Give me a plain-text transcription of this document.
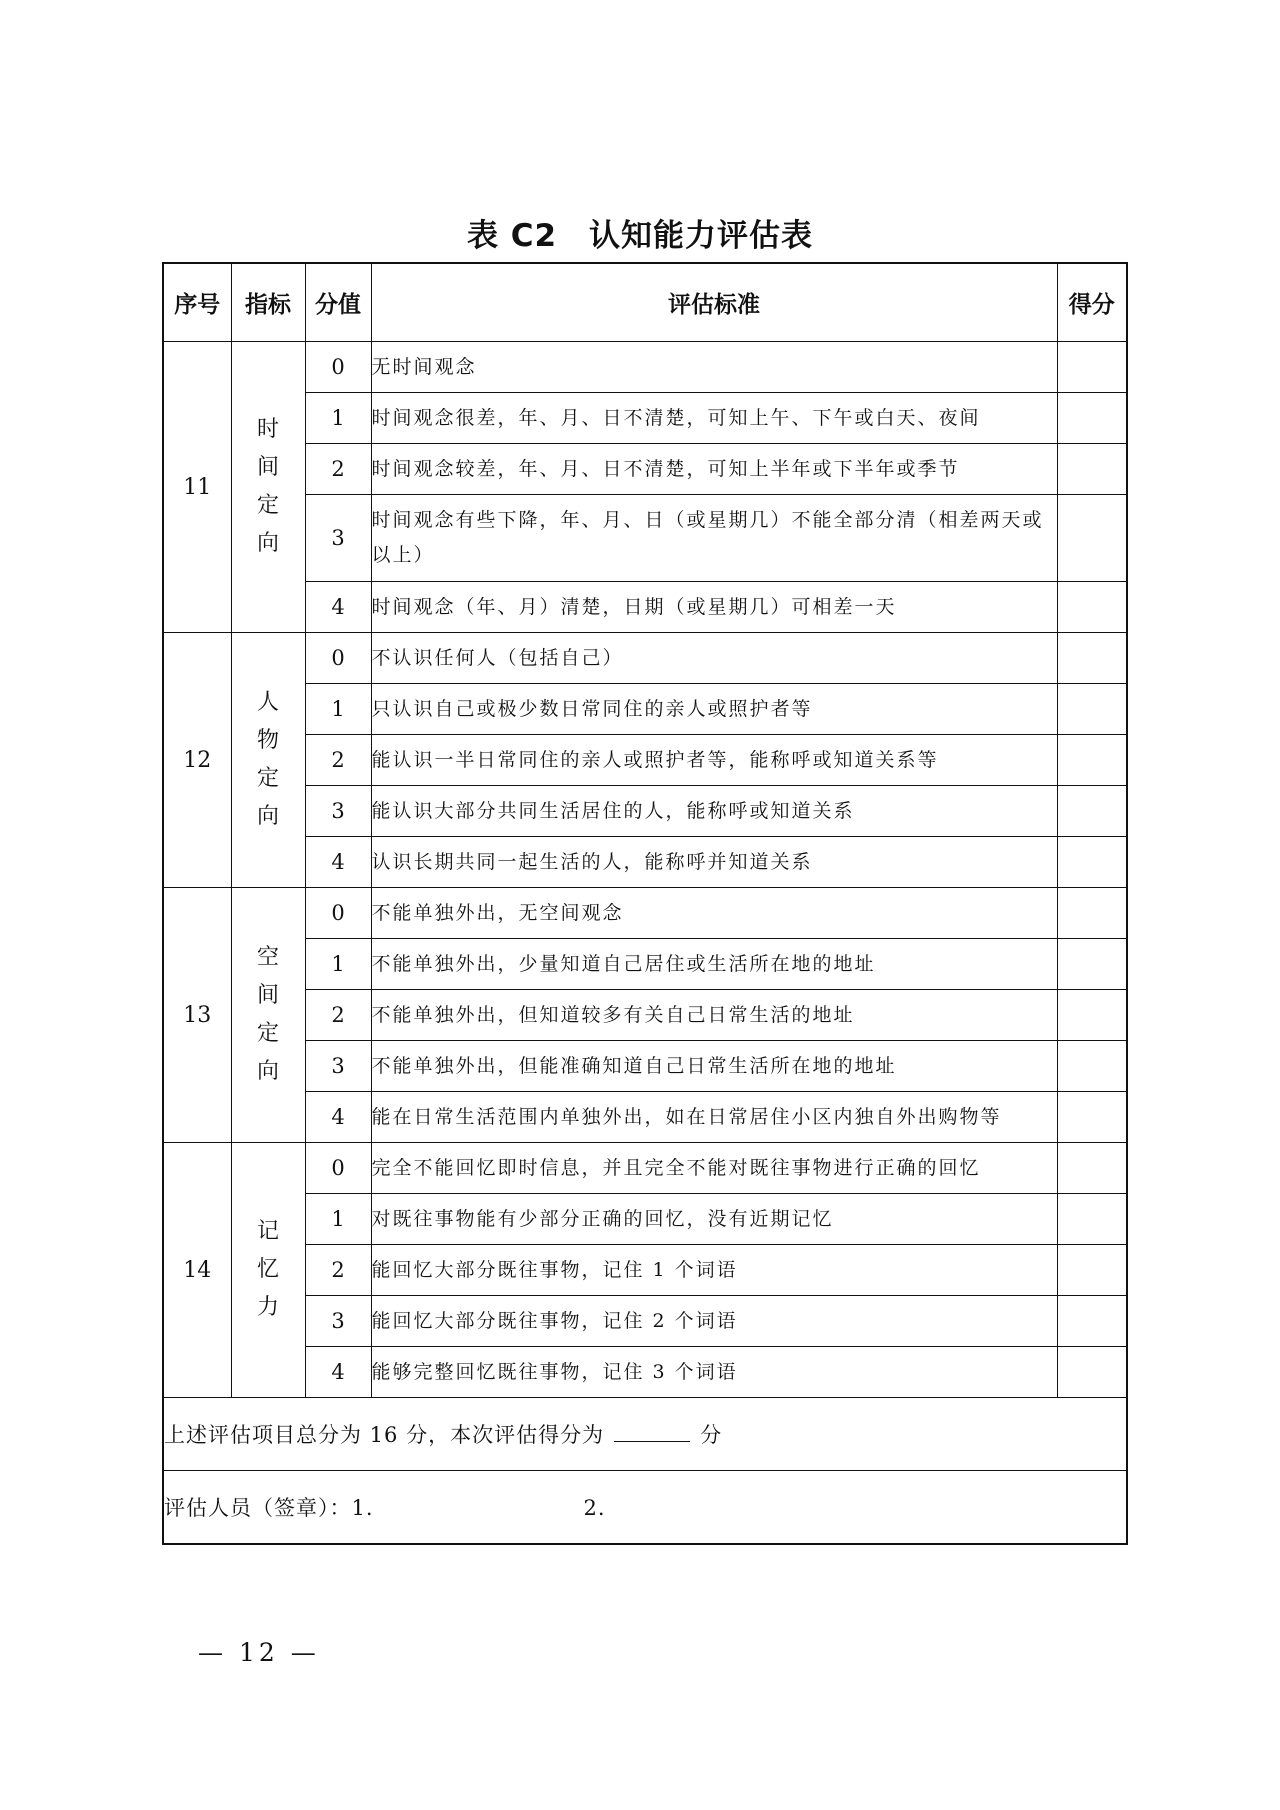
表 C2　认知能力评估表
序号	指标	分值	评估标准	得分
11	时间定向	0	无时间观念	
		1	时间观念很差，年、月、日不清楚，可知上午、下午或白天、夜间	
		2	时间观念较差，年、月、日不清楚，可知上半年或下半年或季节	
		3	时间观念有些下降，年、月、日（或星期几）不能全部分清（相差两天或以上）	
		4	时间观念（年、月）清楚，日期（或星期几）可相差一天	
12	人物定向	0	不认识任何人（包括自己）	
		1	只认识自己或极少数日常同住的亲人或照护者等	
		2	能认识一半日常同住的亲人或照护者等，能称呼或知道关系等	
		3	能认识大部分共同生活居住的人，能称呼或知道关系	
		4	认识长期共同一起生活的人，能称呼并知道关系	
13	空间定向	0	不能单独外出，无空间观念	
		1	不能单独外出，少量知道自己居住或生活所在地的地址	
		2	不能单独外出，但知道较多有关自己日常生活的地址	
		3	不能单独外出，但能准确知道自己日常生活所在地的地址	
		4	能在日常生活范围内单独外出，如在日常居住小区内独自外出购物等	
14	记忆力	0	完全不能回忆即时信息，并且完全不能对既往事物进行正确的回忆	
		1	对既往事物能有少部分正确的回忆，没有近期记忆	
		2	能回忆大部分既往事物，记住 1 个词语	
		3	能回忆大部分既往事物，记住 2 个词语	
		4	能够完整回忆既往事物，记住 3 个词语	
上述评估项目总分为 16 分，本次评估得分为 分				
评估人员（签章）：1. 2.				
— 12 —
